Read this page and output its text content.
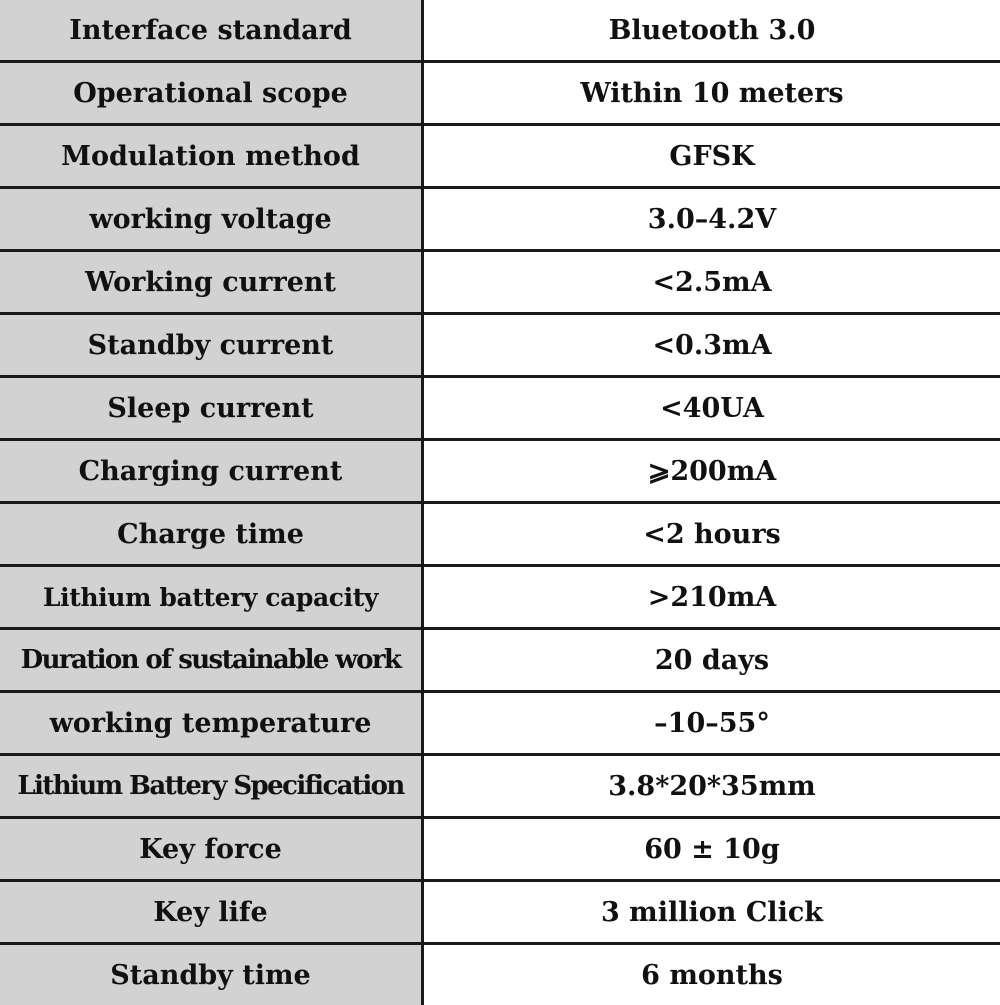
Interface standard	Bluetooth 3.0
Operational scope	Within 10 meters
Modulation method	GFSK
working voltage	3.0–4.2V
Working current	<2.5mA
Standby current	<0.3mA
Sleep current	<40UA
Charging current	⩾200mA
Charge time	<2 hours
Lithium battery capacity	>210mA
Duration of sustainable work	20 days
working temperature	–10–55°
Lithium Battery Specification	3.8*20*35mm
Key force	60 ± 10g
Key life	3 million Click
Standby time	6 months
